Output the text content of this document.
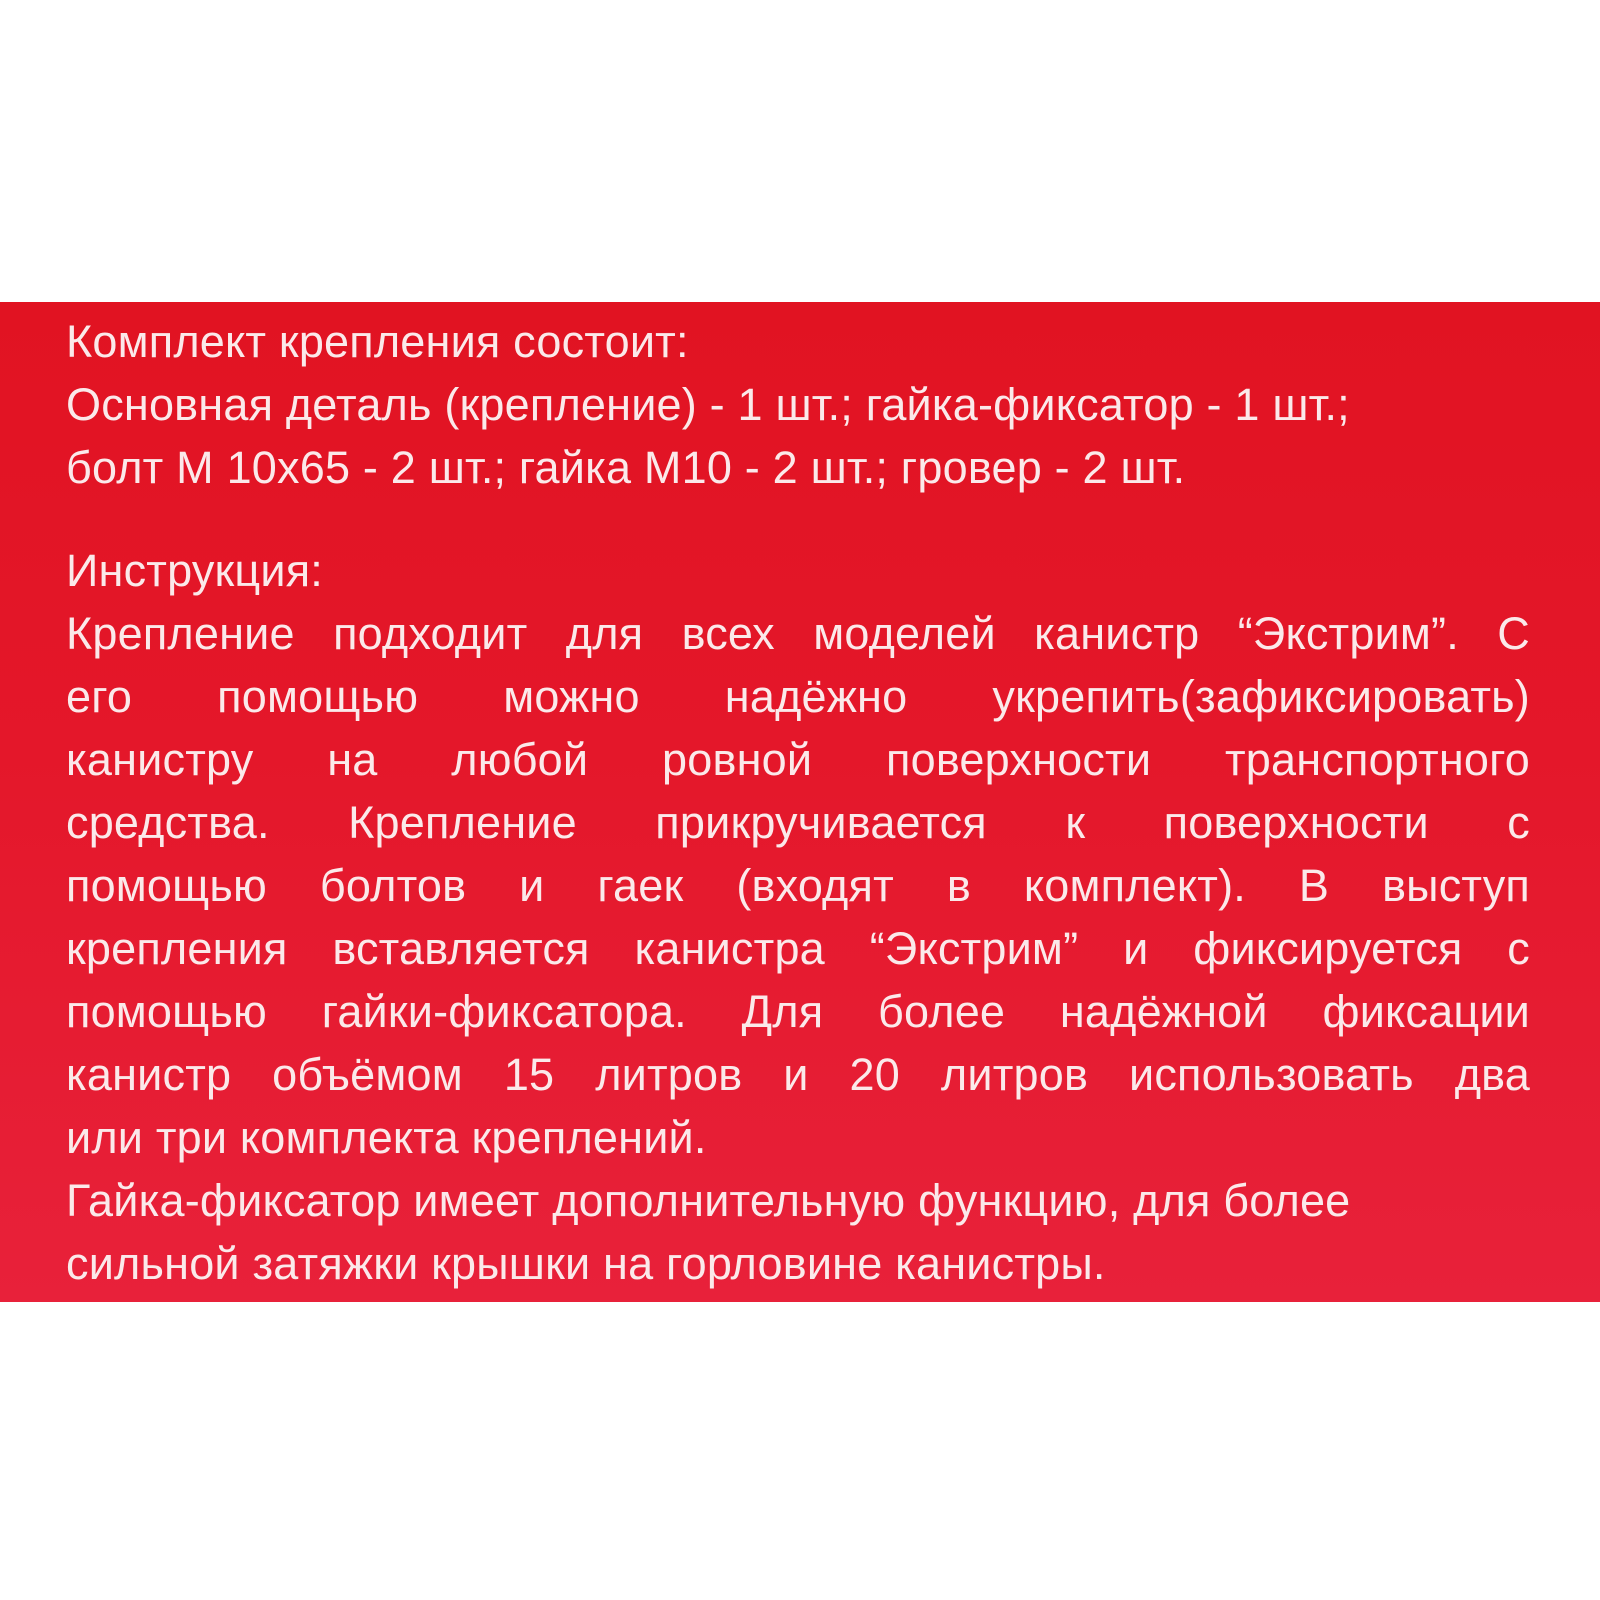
Комплект крепления состоит:
Основная деталь (крепление) - 1 шт.; гайка-фиксатор - 1 шт.;
болт М 10х65 - 2 шт.; гайка М10 - 2 шт.; гровер - 2 шт.
Инструкция:
Крепление подходит для всех моделей канистр “Экстрим”. С
его помощью можно надёжно укрепить(зафиксировать)
канистру на любой ровной поверхности транспортного
средства. Крепление прикручивается к поверхности с
помощью болтов и гаек (входят в комплект). В выступ
крепления вставляется канистра “Экстрим” и фиксируется с
помощью гайки-фиксатора. Для более надёжной фиксации
канистр объёмом 15 литров и 20 литров использовать два
или три комплекта креплений.
Гайка-фиксатор имеет дополнительную функцию, для более
сильной затяжки крышки на горловине канистры.
